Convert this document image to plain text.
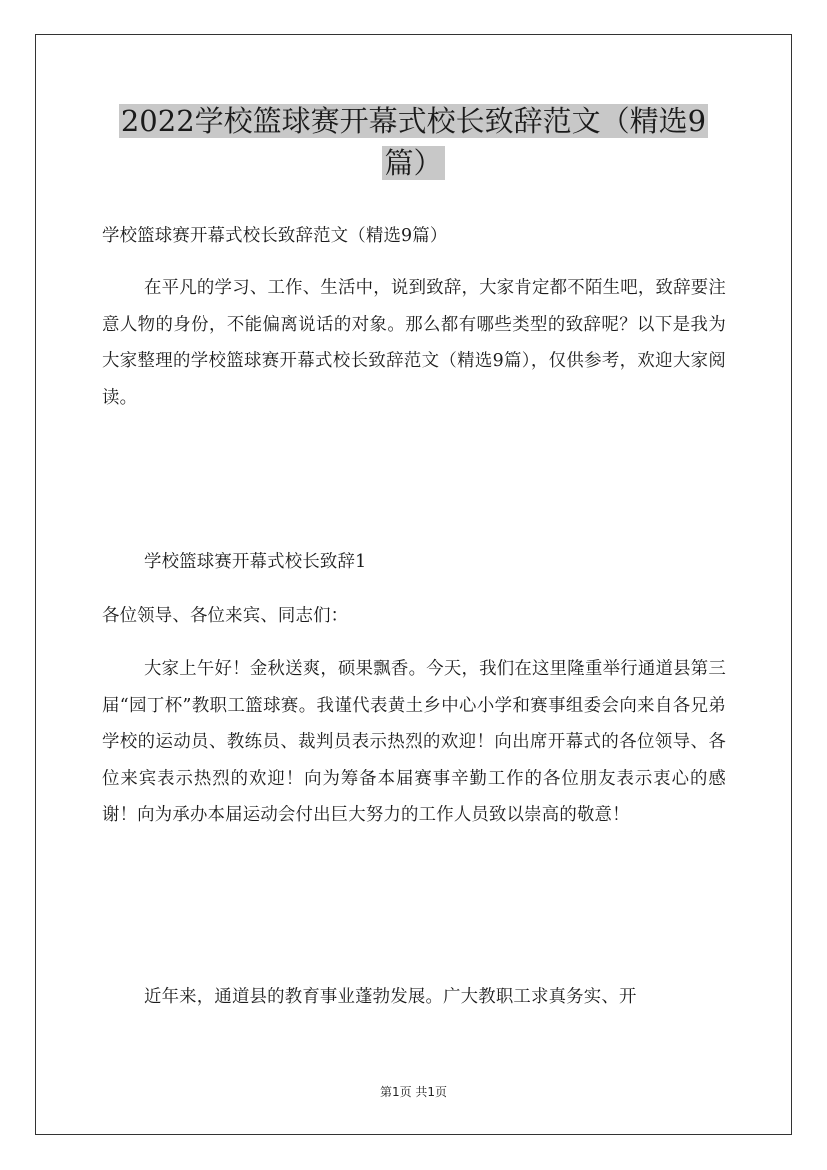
2022学校篮球赛开幕式校长致辞范文（精选9
篇）

学校篮球赛开幕式校长致辞范文（精选9篇）

在平凡的学习、工作、生活中，说到致辞，大家肯定都不陌生吧，致辞要注意人物的身份，不能偏离说话的对象。那么都有哪些类型的致辞呢？以下是我为大家整理的学校篮球赛开幕式校长致辞范文（精选9篇），仅供参考，欢迎大家阅读。

学校篮球赛开幕式校长致辞1

各位领导、各位来宾、同志们：

大家上午好！金秋送爽，硕果飘香。今天，我们在这里隆重举行通道县第三届“园丁杯”教职工篮球赛。我谨代表黄土乡中心小学和赛事组委会向来自各兄弟学校的运动员、教练员、裁判员表示热烈的欢迎！向出席开幕式的各位领导、各位来宾表示热烈的欢迎！向为筹备本届赛事辛勤工作的各位朋友表示衷心的感谢！向为承办本届运动会付出巨大努力的工作人员致以崇高的敬意！

近年来，通道县的教育事业蓬勃发展。广大教职工求真务实、开

第1页 共1页
